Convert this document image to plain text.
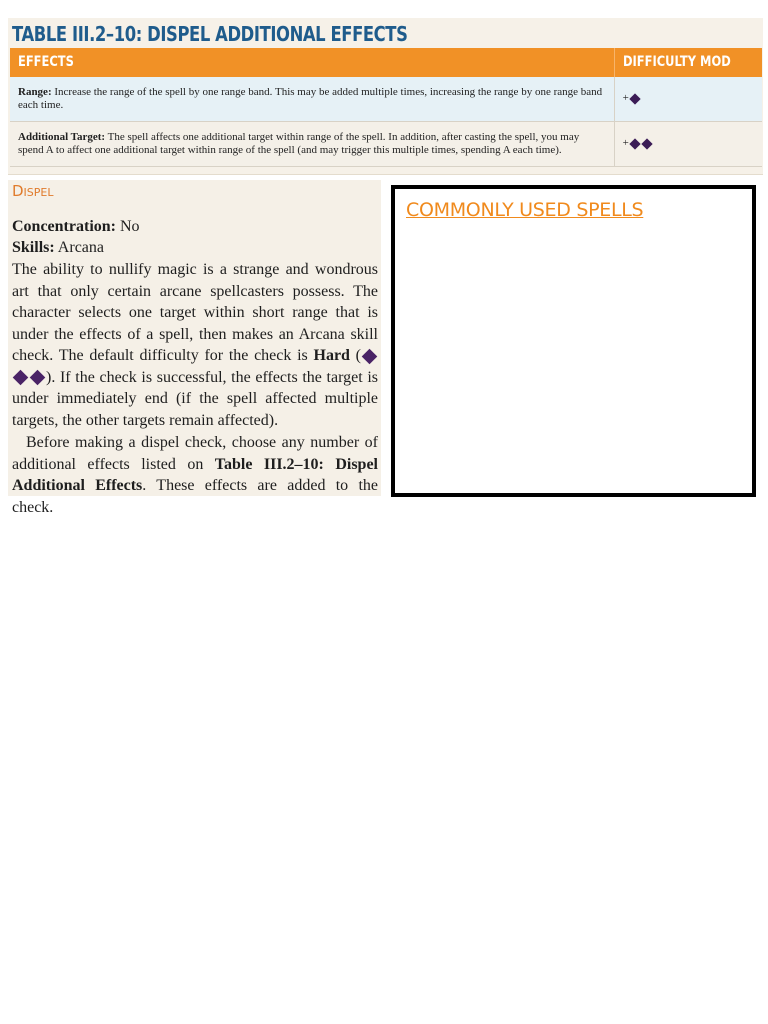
TABLE III.2–10: DISPEL ADDITIONAL EFFECTS
EFFECTS	DIFFICULTY MOD
Range: Increase the range of the spell by one range band. This may be added multiple times, increasing the range by one range band each time.	+
Additional Target: The spell affects one additional target within range of the spell. In addition, after casting the spell, you may spend A to affect one additional target within range of the spell (and may trigger this multiple times, spending A each time).	+
Dispel
Concentration: No
Skills: Arcana
The ability to nullify magic is a strange and wondrous art that only certain arcane spellcasters possess. The character selects one target within short range that is under the effects of a spell, then makes an Arcana skill check. The default difficulty for the check is Hard (). If the check is successful, the effects the target is under immediately end (if the spell affected multiple targets, the other targets remain affected).
Before making a dispel check, choose any number of additional effects listed on Table III.2–10: Dispel Additional Effects. These effects are added to the check.
COMMONLY USED SPELLS
